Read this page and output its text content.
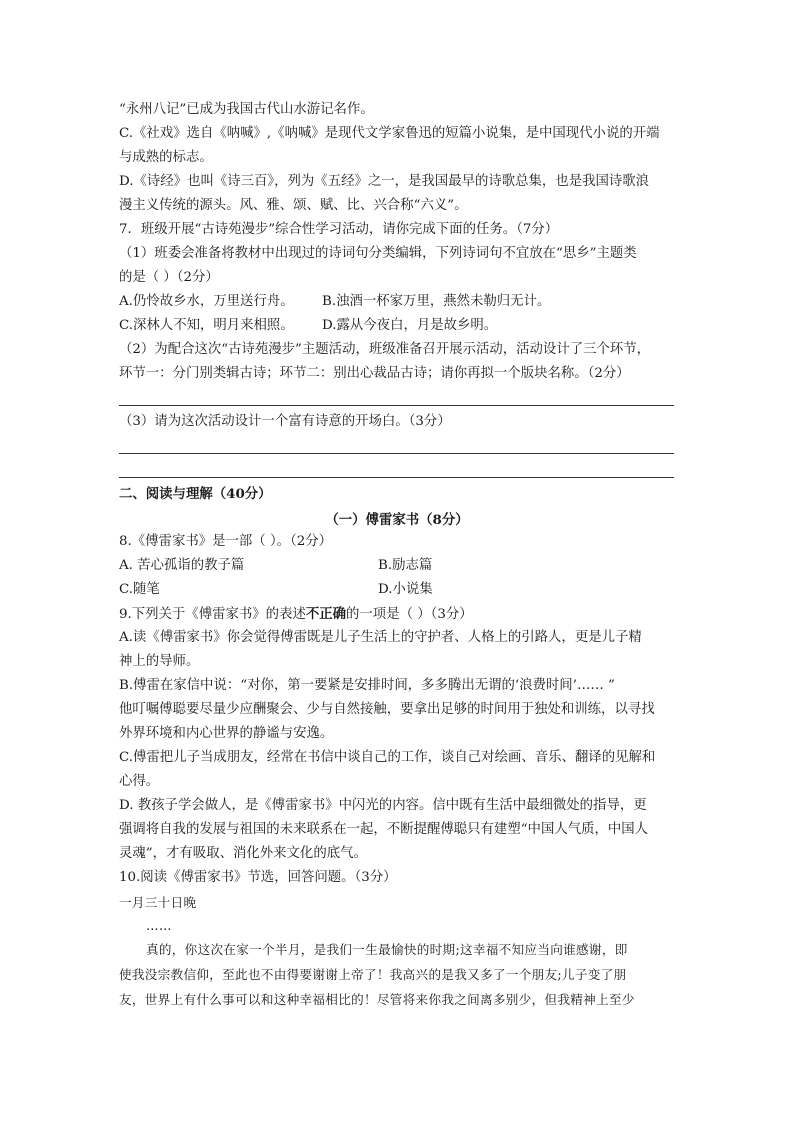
“永州八记”已成为我国古代山水游记名作。
C.《社戏》选自《呐喊》,《呐喊》是现代文学家鲁迅的短篇小说集，是中国现代小说的开端
与成熟的标志。
D.《诗经》也叫《诗三百》，列为《五经》之一，是我国最早的诗歌总集，也是我国诗歌浪
漫主义传统的源头。风、雅、颂、赋、比、兴合称“六义”。
7．班级开展“古诗苑漫步”综合性学习活动，请你完成下面的任务。（7分）
（1）班委会准备将教材中出现过的诗词句分类编辑，下列诗词句不宜放在“思乡”主题类
的是（ ）（2分）
A.仍怜故乡水，万里送行舟。 B.浊酒一杯家万里，燕然未勒归无计。
C.深林人不知，明月来相照。 D.露从今夜白，月是故乡明。
（2）为配合这次“古诗苑漫步”主题活动，班级准备召开展示活动，活动设计了三个环节，
环节一：分门别类辑古诗；环节二：别出心裁品古诗；请你再拟一个版块名称。（2分）
（3）请为这次活动设计一个富有诗意的开场白。（3分）
二、阅读与理解（40分）
（一）傅雷家书（8分）
8.《傅雷家书》是一部（ ）。（2分）
A. 苦心孤诣的教子篇	B.励志篇
C.随笔	D.小说集
9.下列关于《傅雷家书》的表述不正确的一项是（ ）（3分）
A.读《傅雷家书》你会觉得傅雷既是儿子生活上的守护者、人格上的引路人，更是儿子精
神上的导师。
B.傅雷在家信中说：“对你，第一要紧是安排时间，多多腾出无谓的‘浪费时间’…… ”
他叮嘱傅聪要尽量少应酬聚会、少与自然接触，要拿出足够的时间用于独处和训练，以寻找
外界环境和内心世界的静谧与安逸。
C.傅雷把儿子当成朋友，经常在书信中谈自己的工作，谈自己对绘画、音乐、翻译的见解和
心得。
D. 教孩子学会做人，是《傅雷家书》中闪光的内容。信中既有生活中最细微处的指导，更
强调将自我的发展与祖国的未来联系在一起，不断提醒傅聪只有建塑“中国人气质，中国人
灵魂”，才有吸取、消化外来文化的底气。
10.阅读《傅雷家书》节选，回答问题。（3分）
一月三十日晚
……
真的，你这次在家一个半月，是我们一生最愉快的时期;这幸福不知应当向谁感谢，即
使我没宗教信仰，至此也不由得要谢谢上帝了！我高兴的是我又多了一个朋友;儿子变了朋
友，世界上有什么事可以和这种幸福相比的！尽管将来你我之间离多别少，但我精神上至少
